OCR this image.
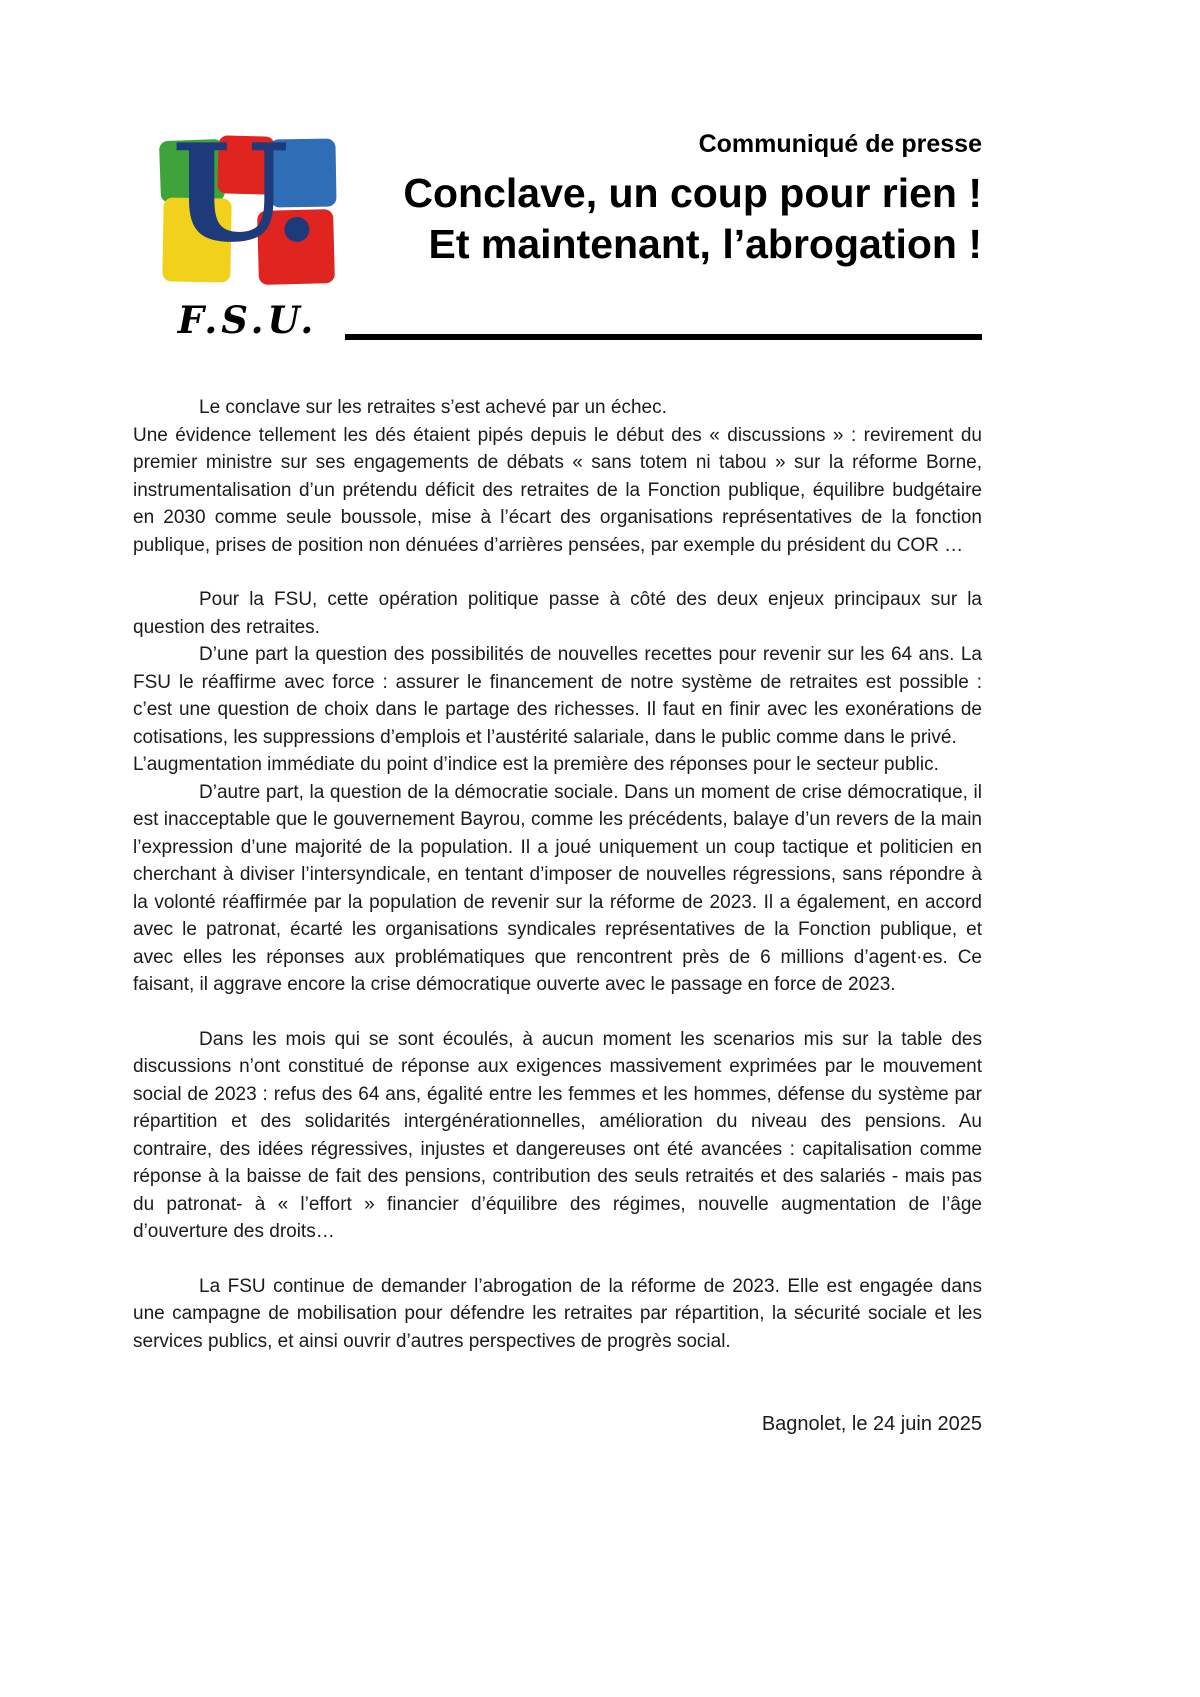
U.
F.S.U.
Communiqué de presse
Conclave, un coup pour rien !
Et maintenant, l’abrogation !

Le conclave sur les retraites s’est achevé par un échec.

Une évidence tellement les dés étaient pipés depuis le début des « discussions » : revirement du premier ministre sur ses engagements de débats « sans totem ni tabou » sur la réforme Borne, instrumentalisation d’un prétendu déficit des retraites de la Fonction publique, équilibre budgétaire en 2030 comme seule boussole, mise à l’écart des organisations représentatives de la fonction publique, prises de position non dénuées d’arrières pensées, par exemple du président du COR …

Pour la FSU, cette opération politique passe à côté des deux enjeux principaux sur la question des retraites.

D’une part la question des possibilités de nouvelles recettes pour revenir sur les 64 ans. La FSU le réaffirme avec force : assurer le financement de notre système de retraites est possible : c’est une question de choix dans le partage des richesses. Il faut en finir avec les exonérations de cotisations, les suppressions d’emplois et l’austérité salariale, dans le public comme dans le privé.

L’augmentation immédiate du point d’indice est la première des réponses pour le secteur public.

D’autre part, la question de la démocratie sociale. Dans un moment de crise démocratique, il est inacceptable que le gouvernement Bayrou, comme les précédents, balaye d’un revers de la main l’expression d’une majorité de la population. Il a joué uniquement un coup tactique et politicien en cherchant à diviser l’intersyndicale, en tentant d’imposer de nouvelles régressions, sans répondre à la volonté réaffirmée par la population de revenir sur la réforme de 2023. Il a également, en accord avec le patronat, écarté les organisations syndicales représentatives de la Fonction publique, et avec elles les réponses aux problématiques que rencontrent près de 6 millions d’agent·es. Ce faisant, il aggrave encore la crise démocratique ouverte avec le passage en force de 2023.

Dans les mois qui se sont écoulés, à aucun moment les scenarios mis sur la table des discussions n’ont constitué de réponse aux exigences massivement exprimées par le mouvement social de 2023 : refus des 64 ans, égalité entre les femmes et les hommes, défense du système par répartition et des solidarités intergénérationnelles, amélioration du niveau des pensions. Au contraire, des idées régressives, injustes et dangereuses ont été avancées : capitalisation comme réponse à la baisse de fait des pensions, contribution des seuls retraités et des salariés - mais pas du patronat- à « l’effort » financier d’équilibre des régimes, nouvelle augmentation de l’âge d’ouverture des droits…

La FSU continue de demander l’abrogation de la réforme de 2023. Elle est engagée dans une campagne de mobilisation pour défendre les retraites par répartition, la sécurité sociale et les services publics, et ainsi ouvrir d’autres perspectives de progrès social.

Bagnolet, le 24 juin 2025
